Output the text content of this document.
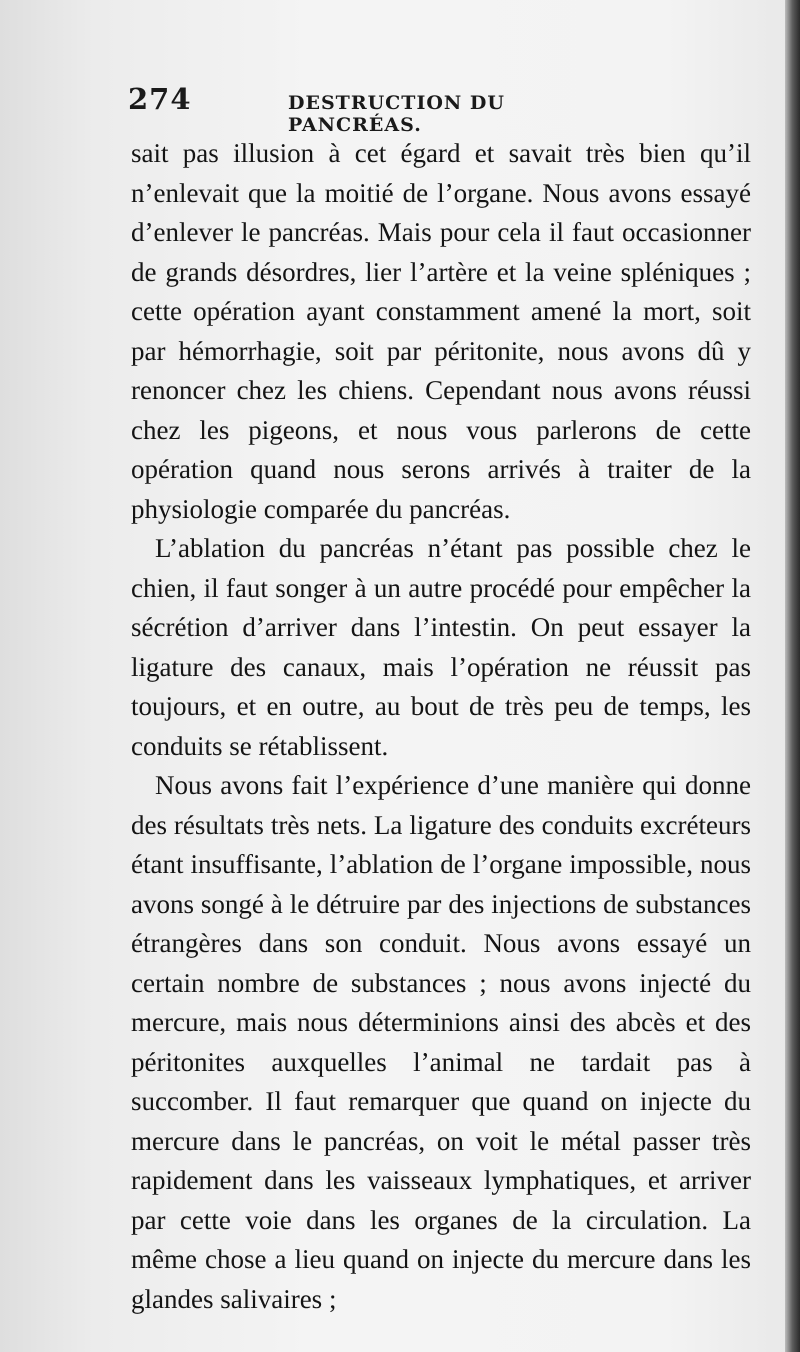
274	DESTRUCTION DU PANCRÉAS.

sait pas illusion à cet égard et savait très bien qu’il n’enlevait que la moitié de l’organe. Nous avons essayé d’enlever le pancréas. Mais pour cela il faut occasionner de grands désordres, lier l’artère et la veine spléniques ; cette opération ayant constamment amené la mort, soit par hémorrhagie, soit par péritonite, nous avons dû y renoncer chez les chiens. Cependant nous avons réussi chez les pigeons, et nous vous parlerons de cette opération quand nous serons arrivés à traiter de la physiologie comparée du pancréas.

L’ablation du pancréas n’étant pas possible chez le chien, il faut songer à un autre procédé pour empêcher la sécrétion d’arriver dans l’intestin. On peut essayer la ligature des canaux, mais l’opération ne réussit pas toujours, et en outre, au bout de très peu de temps, les conduits se rétablissent.

Nous avons fait l’expérience d’une manière qui donne des résultats très nets. La ligature des conduits excréteurs étant insuffisante, l’ablation de l’organe impossible, nous avons songé à le détruire par des injections de substances étrangères dans son conduit. Nous avons essayé un certain nombre de substances ; nous avons injecté du mercure, mais nous déterminions ainsi des abcès et des péritonites auxquelles l’animal ne tardait pas à succomber. Il faut remarquer que quand on injecte du mercure dans le pancréas, on voit le métal passer très rapidement dans les vaisseaux lymphatiques, et arriver par cette voie dans les organes de la circulation. La même chose a lieu quand on injecte du mercure dans les glandes salivaires ;
